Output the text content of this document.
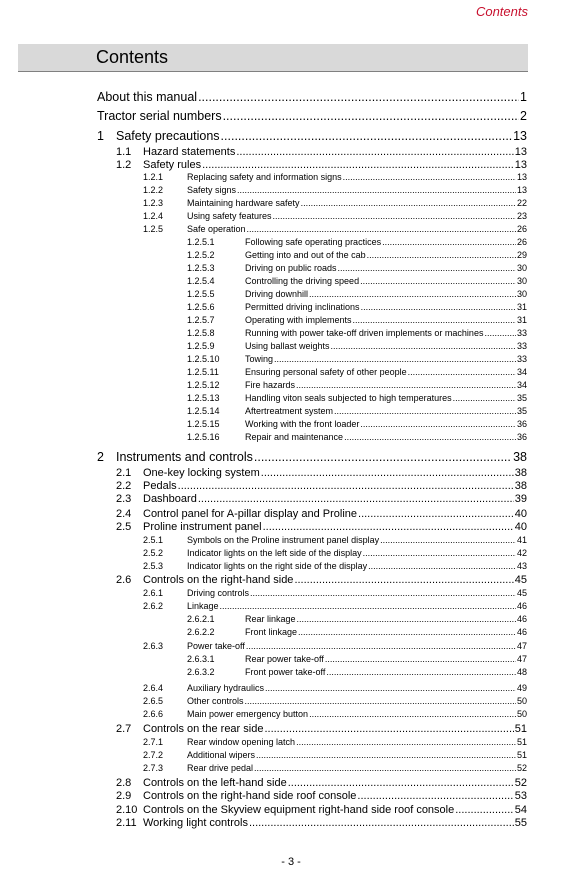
Contents
Contents
About this manual .....	1
Tractor serial numbers .....	2
1 Safety precautions .....	13
1.1 Hazard statements .....	13
1.2 Safety rules .....	13
1.2.1	Replacing safety and information signs .....	13
1.2.2	Safety signs .....	13
1.2.3	Maintaining hardware safety .....	22
1.2.4	Using safety features .....	23
1.2.5	Safe operation .....	26
1.2.5.1	Following safe operating practices .....	26
1.2.5.2	Getting into and out of the cab .....	29
1.2.5.3	Driving on public roads .....	30
1.2.5.4	Controlling the driving speed .....	30
1.2.5.5	Driving downhill .....	30
1.2.5.6	Permitted driving inclinations .....	31
1.2.5.7	Operating with implements .....	31
1.2.5.8	Running with power take-off driven implements or machines .....	33
1.2.5.9	Using ballast weights .....	33
1.2.5.10	Towing .....	33
1.2.5.11	Ensuring personal safety of other people .....	34
1.2.5.12	Fire hazards .....	34
1.2.5.13	Handling viton seals subjected to high temperatures .....	35
1.2.5.14	Aftertreatment system .....	35
1.2.5.15	Working with the front loader .....	36
1.2.5.16	Repair and maintenance .....	36
2 Instruments and controls .....	38
2.1 One-key locking system .....	38
2.2 Pedals .....	38
2.3 Dashboard .....	39
2.4 Control panel for A-pillar display and Proline .....	40
2.5 Proline instrument panel .....	40
2.5.1	Symbols on the Proline instrument panel display .....	41
2.5.2	Indicator lights on the left side of the display .....	42
2.5.3	Indicator lights on the right side of the display .....	43
2.6 Controls on the right-hand side .....	45
2.6.1	Driving controls .....	45
2.6.2	Linkage .....	46
2.6.2.1	Rear linkage .....	46
2.6.2.2	Front linkage .....	46
2.6.3	Power take-off .....	47
2.6.3.1	Rear power take-off .....	47
2.6.3.2	Front power take-off .....	48
2.6.4	Auxiliary hydraulics .....	49
2.6.5	Other controls .....	50
2.6.6	Main power emergency button .....	50
2.7 Controls on the rear side .....	51
2.7.1	Rear window opening latch .....	51
2.7.2	Additional wipers .....	51
2.7.3	Rear drive pedal .....	52
2.8 Controls on the left-hand side .....	52
2.9 Controls on the right-hand side roof console .....	53
2.10 Controls on the Skyview equipment right-hand side roof console .....	54
2.11 Working light controls .....	55
- 3 -
